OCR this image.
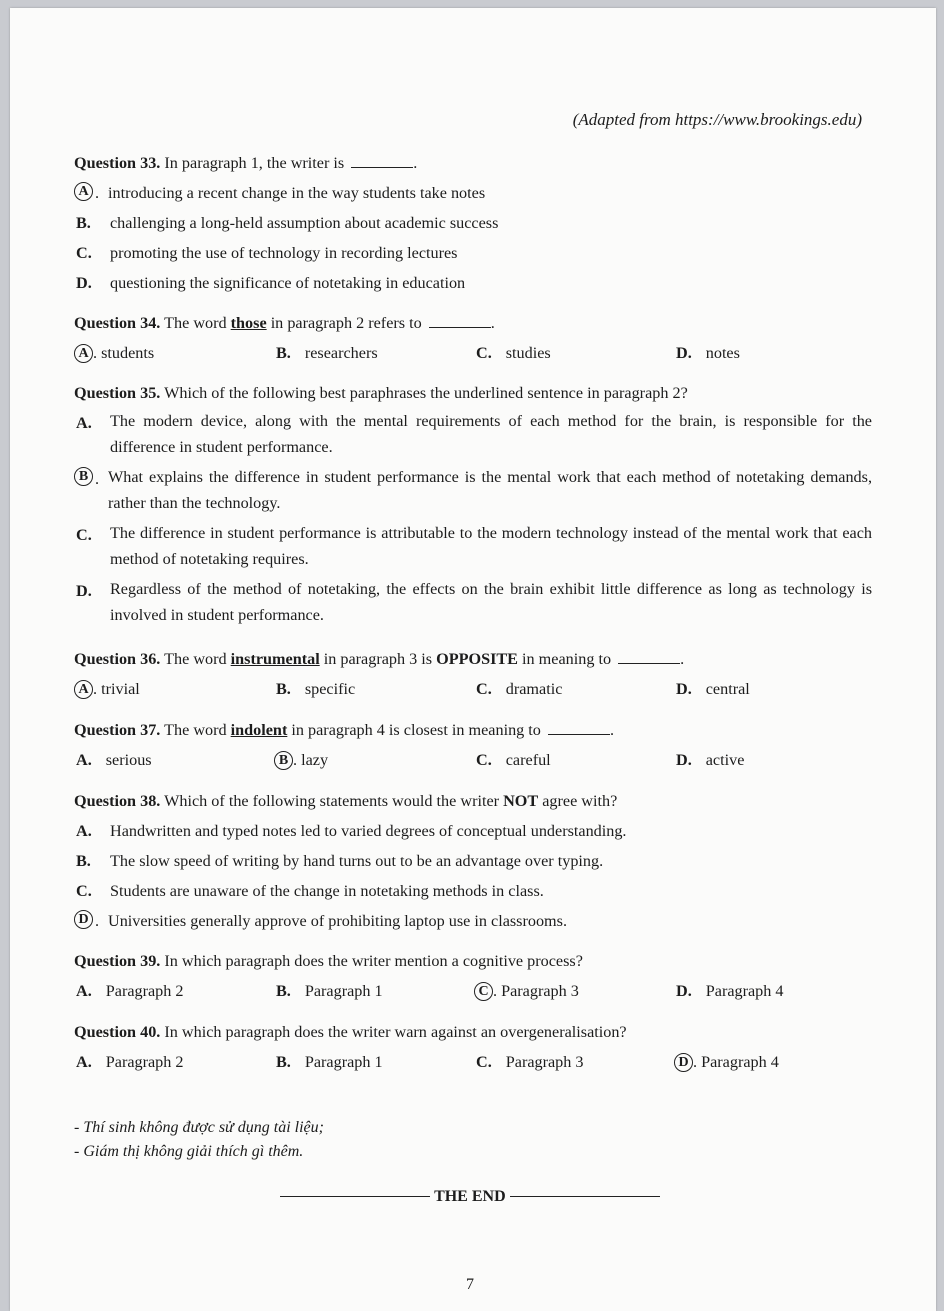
(Adapted from https://www.brookings.edu)
Question 33. In paragraph 1, the writer is	.
A . introducing a recent change in the way students take notes
B. challenging a long-held assumption about academic success
C. promoting the use of technology in recording lectures
D. questioning the significance of notetaking in education
Question 34. The word those in paragraph 2 refers to	.
A . students	B. researchers	C. studies	D. notes
Question 35. Which of the following best paraphrases the underlined sentence in paragraph 2?
A. The modern device, along with the mental requirements of each method for the brain, is responsible for the difference in student performance.
B . What explains the difference in student performance is the mental work that each method of notetaking demands, rather than the technology.
C. The difference in student performance is attributable to the modern technology instead of the mental work that each method of notetaking requires.
D. Regardless of the method of notetaking, the effects on the brain exhibit little difference as long as technology is involved in student performance.
Question 36. The word instrumental in paragraph 3 is OPPOSITE in meaning to	.
A . trivial	B. specific	C. dramatic	D. central
Question 37. The word indolent in paragraph 4 is closest in meaning to	.
A. serious	B . lazy	C. careful	D. active
Question 38. Which of the following statements would the writer NOT agree with?
A. Handwritten and typed notes led to varied degrees of conceptual understanding.
B. The slow speed of writing by hand turns out to be an advantage over typing.
C. Students are unaware of the change in notetaking methods in class.
D . Universities generally approve of prohibiting laptop use in classrooms.
Question 39. In which paragraph does the writer mention a cognitive process?
A. Paragraph 2	B. Paragraph 1	C . Paragraph 3	D. Paragraph 4
Question 40. In which paragraph does the writer warn against an overgeneralisation?
A. Paragraph 2	B. Paragraph 1	C. Paragraph 3	D . Paragraph 4
- Thí sinh không được sử dụng tài liệu;
- Giám thị không giải thích gì thêm.
THE END
7
